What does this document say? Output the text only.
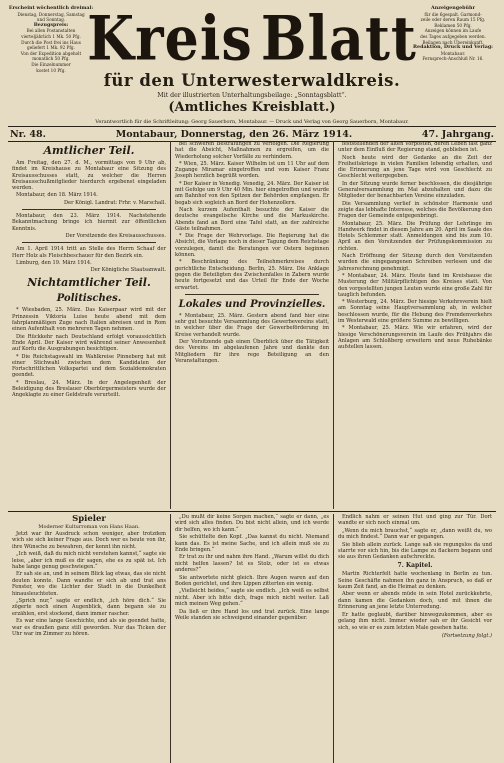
Erscheint wöchentlich dreimal:
Dienstag, Donnerstag, Samstag
und Sonntag.
Bezugspreis:
Bei allen Postanstalten
vierteljährlich 1 Mk. 50 Pfg.
Durch die Post frei ins Haus
geliefert 1 Mk. 92 Pfg.
Von der Expedition abgeholt
monatlich 50 Pfg.
Die Einzelnummer
kostet 10 Pfg.
Anzeigengebühr
für die 6gespalt. Garmond-
zeile oder deren Raum 15 Pfg.
Reklamen 50 Pfg.
Anzeigen können im Laufe
des Tages aufgegeben werden.
Beilagen nach Übereinkunft.
Redaktion, Druck und Verlag:
Montabaur.
Fernsprech-Anschluß Nr. 16.
Kreis Blatt
für den Unterwesterwaldkreis.
Mit der illustrierten Unterhaltungsbeilage: „Sonntagsblatt“.
(Amtliches Kreisblatt.)
Verantwortlich für die Schriftleitung: Georg Sauerborn, Montabaur. — Druck und Verlag von Georg Sauerborn, Montabaur.
Nr. 48.	Montabaur, Donnerstag, den 26. März 1914.	47. Jahrgang.
Amtlicher Teil.

Am Freitag, den 27. d. M., vormittags von 9 Uhr ab, findet im Kreishause zu Montabaur eine Sitzung des Kreisausschusses statt, zu welcher die Herren Kreisausschußmitglieder hierdurch ergebenst eingeladen werden.

Montabaur, den 18. März 1914.

Der Königl. Landrat: Frhr. v. Marschall.

Montabaur, den 23. März 1914. Nachstehende Bekanntmachung bringe ich hiermit zur öffentlichen Kenntnis.

Der Vorsitzende des Kreisausschusses.

Am 1. April 1914 tritt an Stelle des Herrn Schaaf der Herr Holz als Fleischbeschauer für den Bezirk ein.

Limburg, den 19. März 1914.

Der Königliche Staatsanwalt.
Nichtamtlicher Teil.
Politisches.

* Wiesbaden, 25. März. Das Kaiserpaar wird mit der Prinzessin Viktoria Luise heute abend mit dem fahrplanmäßigen Zuge nach Italien abreisen und in Rom einen Aufenthalt von mehreren Tagen nehmen.

Die Rückkehr nach Deutschland erfolgt voraussichtlich Ende April. Der Kaiser wird während seiner Anwesenheit auf Korfu die Ausgrabungen besichtigen.

* Die Reichstagswahl im Wahlkreise Pinneberg hat mit einer Stichwahl zwischen dem Kandidaten der Fortschrittlichen Volkspartei und dem Sozialdemokraten geendet.

* Breslau, 24. März. In der Angelegenheit der Beleidigung des Breslauer Oberbürgermeisters wurde der Angeklagte zu einer Geldstrafe verurteilt.

bei schweren Bestrafungen zu verfolgen. Die Regierung hat die Absicht, Maßnahmen zu ergreifen, um die Wiederholung solcher Vorfälle zu verhindern.

* Wien, 25. März. Kaiser Wilhelm ist um 11 Uhr auf dem Zugange Miramar eingetroffen und vom Kaiser Franz Joseph herzlich begrüßt worden.

* Der Kaiser in Venedig. Venedig, 24. März. Der Kaiser ist mit Gefolge um 9 Uhr 40 Min. hier eingetroffen und wurde am Bahnhof von den Spitzen der Behörden empfangen. Er begab sich sogleich an Bord der Hohenzollern.

Nach kurzem Aufenthalt besuchte der Kaiser die deutsche evangelische Kirche und die Markuskirche. Abends fand an Bord eine Tafel statt, an der zahlreiche Gäste teilnahmen.

* Die Frage der Wehrvorlage. Die Regierung hat die Absicht, die Vorlage noch in dieser Tagung dem Reichstage vorzulegen, damit die Beratungen vor Ostern beginnen können.

* Beschränkung des Teilnehmerkreises durch gerichtliche Entscheidung. Berlin, 25. März. Die Anklage gegen die Beteiligten des Zwischenfalles in Zabern wurde heute fortgesetzt und das Urteil für Ende der Woche erwartet.

Lokales und Provinzielles.

* Montabaur, 25. März. Gestern abend fand hier eine sehr gut besuchte Versammlung des Gewerbevereins statt, in welcher über die Frage der Gewerbeförderung im Kreise verhandelt wurde.

Der Vorsitzende gab einen Überblick über die Tätigkeit des Vereins im abgelaufenen Jahre und dankte den Mitgliedern für ihre rege Beteiligung an den Veranstaltungen.

feststellenden der alten Vorposten, deren Leben fast ganz unter dem Einfluß der Regierung stand, geblieben ist.

Noch heute wird der Gedanke an die Zeit der Freiheitskriege in vielen Familien lebendig erhalten, und die Erinnerung an jene Tage wird von Geschlecht zu Geschlecht weitergegeben.

In der Sitzung wurde ferner beschlossen, die diesjährige Generalversammlung im Mai abzuhalten und dazu die Mitglieder der benachbarten Vereine einzuladen.

Die Versammlung verlief in schönster Harmonie und zeigte das lebhafte Interesse, welches die Bevölkerung den Fragen der Gemeinde entgegenbringt.

Montabaur, 25. März. Die Prüfung der Lehrlinge im Handwerk findet in diesem Jahre am 20. April im Saale des Hotels Schlemmer statt. Anmeldungen sind bis zum 10. April an den Vorsitzenden der Prüfungskommission zu richten.

Nach Eröffnung der Sitzung durch den Vorsitzenden wurden die eingegangenen Schreiben verlesen und die Jahresrechnung genehmigt.

* Montabaur, 24. März. Heute fand im Kreishause die Musterung der Militärpflichtigen des Kreises statt. Von den vorgestellten jungen Leuten wurde eine große Zahl für tauglich befunden.

* Westerburg, 24. März. Der hiesige Verkehrsverein hielt am Sonntag seine Hauptversammlung ab, in welcher beschlossen wurde, für die Hebung des Fremdenverkehrs im Westerwald eine größere Summe zu bewilligen.

* Montabaur, 25. März. Wie wir erfahren, wird der hiesige Verschönerungsverein im Laufe des Frühjahrs die Anlagen am Schloßberg erweitern und neue Ruhebänke aufstellen lassen.

Spieler
Moderner Kulturroman von Hans Haan.

Jetzt war ihr Ausdruck schon weniger, aber trotzdem wich sie sich keiner Frage aus. Doch wer es heute von ihr, ihre Wünsche zu bewahren, der kennt ihn nicht.

„Ich weiß, daß du mich nicht verstehen kannst,“ sagte sie leise, „aber ich muß es dir sagen, ehe es zu spät ist. Ich habe lange genug geschwiegen.“

Er sah sie an, und in seinem Blick lag etwas, das sie nicht deuten konnte. Dann wandte er sich ab und trat ans Fenster, wo die Lichter der Stadt in die Dunkelheit hinausleuchteten.

„Sprich nur,“ sagte er endlich, „ich höre dich.“ Sie zögerte noch einen Augenblick, dann begann sie zu erzählen, erst stockend, dann immer rascher.

Es war eine lange Geschichte, und als sie geendet hatte, war es draußen ganz still geworden. Nur das Ticken der Uhr war im Zimmer zu hören.

„Du mußt dir keine Sorgen machen,“ sagte er dann, „es wird sich alles finden. Du bist nicht allein, und ich werde dir helfen, wo ich kann.“

Sie schüttelte den Kopf. „Das kannst du nicht. Niemand kann das. Es ist meine Sache, und ich allein muß sie zu Ende bringen.“

Er trat zu ihr und nahm ihre Hand. „Warum willst du dich nicht helfen lassen? Ist es Stolz, oder ist es etwas anderes?“

Sie antwortete nicht gleich. Ihre Augen waren auf den Boden gerichtet, und ihre Lippen zitterten ein wenig.

„Vielleicht beides,“ sagte sie endlich. „Ich weiß es selbst nicht. Aber ich bitte dich, frage mich nicht weiter. Laß mich meinen Weg gehen.“

Da ließ er ihre Hand los und trat zurück. Eine lange Weile standen sie schweigend einander gegenüber.

Endlich nahm er seinen Hut und ging zur Tür. Dort wandte er sich noch einmal um.

„Wenn du mich brauchst,“ sagte er, „dann weißt du, wo du mich findest.“ Dann war er gegangen.

Sie blieb allein zurück. Lange saß sie regungslos da und starrte vor sich hin, bis die Lampe zu flackern begann und sie aus ihren Gedanken aufschreckte.

7. Kapitel.

Martin Richterfelt hatte wochenlang in Berlin zu tun. Seine Geschäfte nahmen ihn ganz in Anspruch, so daß er kaum Zeit fand, an die Heimat zu denken.

Aber wenn er abends müde in sein Hotel zurückkehrte, dann kamen die Gedanken doch, und mit ihnen die Erinnerung an jene letzte Unterredung.

Er hatte geglaubt, darüber hinwegzukommen, aber es gelang ihm nicht. Immer wieder sah er ihr Gesicht vor sich, so wie er es zum letzten Male gesehen hatte.

(Fortsetzung folgt.)
